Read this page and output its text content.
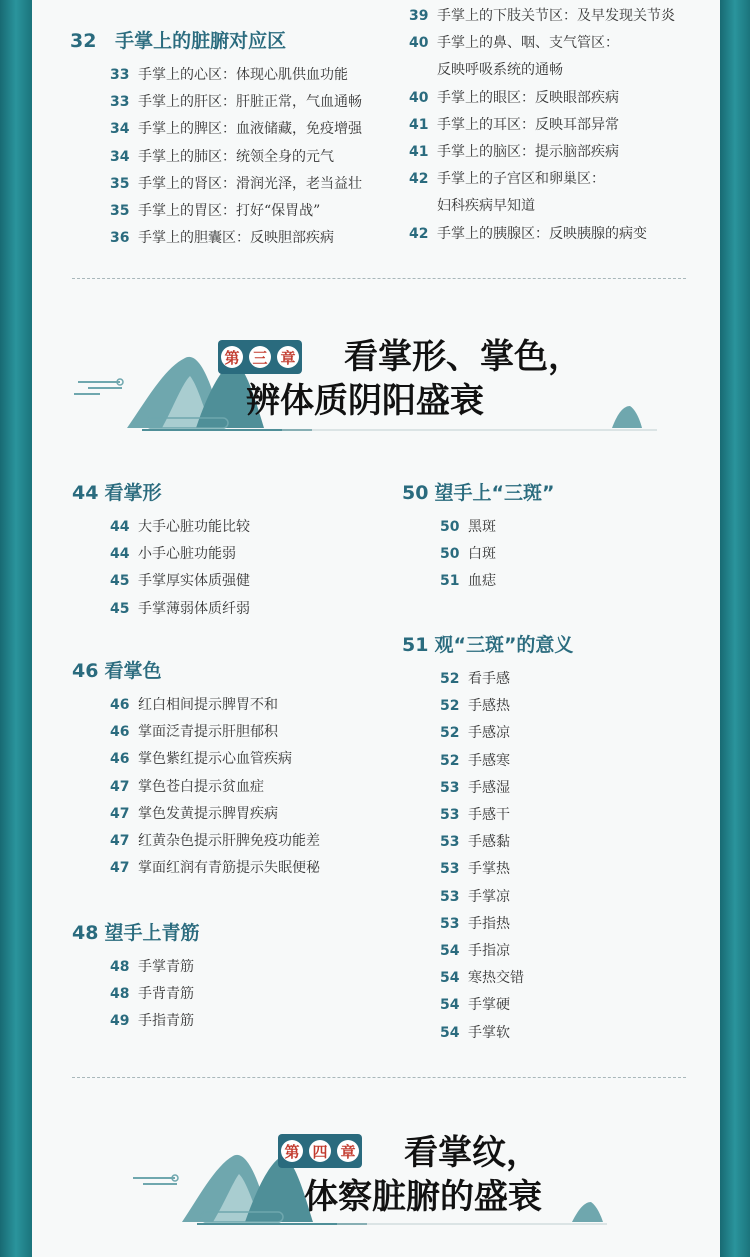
32 手掌上的脏腑对应区
33 手掌上的心区：体现心肌供血功能
33 手掌上的肝区：肝脏正常，气血通畅
34 手掌上的脾区：血液储藏，免疫增强
34 手掌上的肺区：统领全身的元气
35 手掌上的肾区：滑润光泽，老当益壮
35 手掌上的胃区：打好“保胃战”
36 手掌上的胆囊区：反映胆部疾病
39 手掌上的下肢关节区：及早发现关节炎
40 手掌上的鼻、咽、支气管区：
反映呼吸系统的通畅
40 手掌上的眼区：反映眼部疾病
41 手掌上的耳区：反映耳部异常
41 手掌上的脑区：提示脑部疾病
42 手掌上的子宫区和卵巢区：
妇科疾病早知道
42 手掌上的胰腺区：反映胰腺的病变
第 三 章 看掌形、掌色，
辨体质阴阳盛衰
44 看掌形
44 大手心脏功能比较
44 小手心脏功能弱
45 手掌厚实体质强健
45 手掌薄弱体质纤弱
46 看掌色
46 红白相间提示脾胃不和
46 掌面泛青提示肝胆郁积
46 掌色紫红提示心血管疾病
47 掌色苍白提示贫血症
47 掌色发黄提示脾胃疾病
47 红黄杂色提示肝脾免疫功能差
47 掌面红润有青筋提示失眠便秘
48 望手上青筋
48 手掌青筋
48 手背青筋
49 手指青筋
50 望手上“三斑”
50 黑斑
50 白斑
51 血痣
51 观“三斑”的意义
52 看手感
52 手感热
52 手感凉
52 手感寒
53 手感湿
53 手感干
53 手感黏
53 手掌热
53 手掌凉
53 手指热
54 手指凉
54 寒热交错
54 手掌硬
54 手掌软
第 四 章 看掌纹，
体察脏腑的盛衰
